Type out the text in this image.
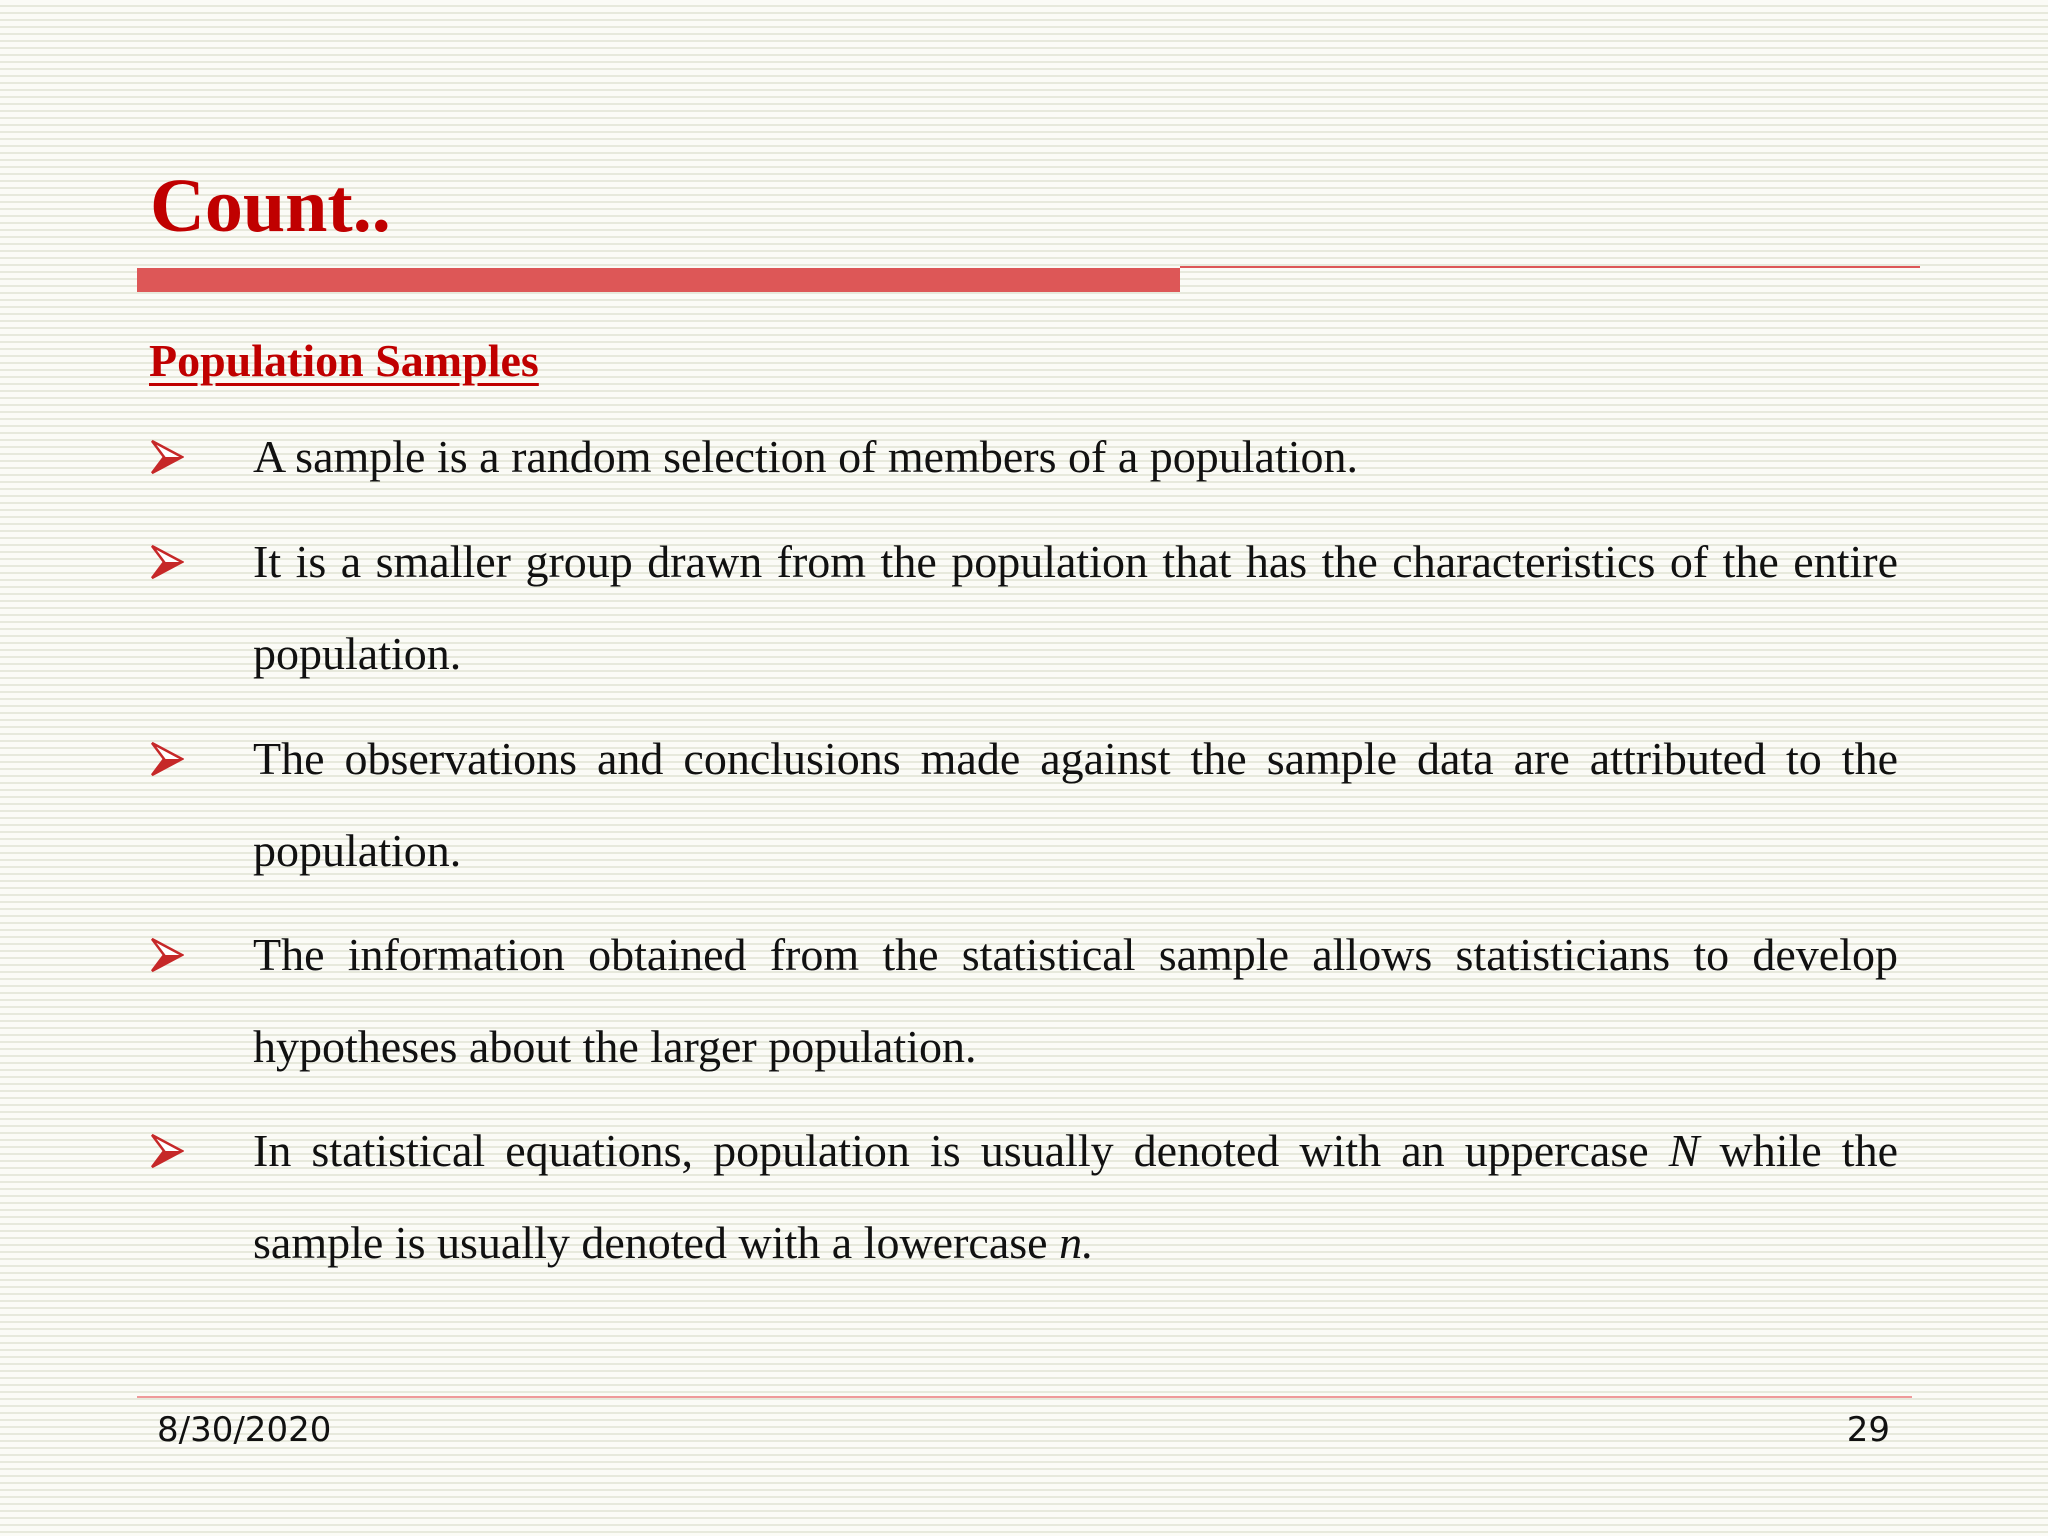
Count..
Population Samples

A sample is a random selection of members of a population.

It is a smaller group drawn from the population that has the characteristics of the entire population.

The observations and conclusions made against the sample data are attributed to the population.

The information obtained from the statistical sample allows statisticians to develop hypotheses about the larger population.

In statistical equations, population is usually denoted with an uppercase N while the sample is usually denoted with a lowercase n.

8/30/2020	29
